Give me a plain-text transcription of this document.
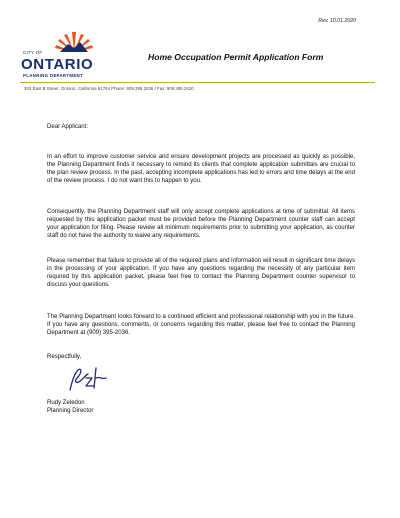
Rev. 10.01.2020
CITY OF
ONTARIO
PLANNING DEPARTMENT
Home Occupation Permit Application Form
303 East B Street, Ontario, California 91764 Phone: 909.395.2036 / Fax: 909.395.2420
Dear Applicant:
In an effort to improve customer service and ensure development projects are processed as quickly as possible, the Planning Department finds it necessary to remind its clients that complete application submittals are crucial to the plan review process. In the past, accepting incomplete applications has led to errors and time delays at the end of the review process. I do not want this to happen to you.
Consequently, the Planning Department staff will only accept complete applications at time of submittal. All items requested by this application packet must be provided before the Planning Department counter staff can accept your application for filing. Please review all minimum requirements prior to submitting your application, as counter staff do not have the authority to waive any requirements.
Please remember that failure to provide all of the required plans and information will result in significant time delays in the processing of your application. If you have any questions regarding the necessity of any particular item required by this application packet, please feel free to contact the Planning Department counter supervisor to discuss your questions.
The Planning Department looks forward to a continued efficient and professional relationship with you in the future. If you have any questions, comments, or concerns regarding this matter, please feel free to contact the Planning Department at (909) 395-2036.
Respectfully,
Rudy Zeledon
Planning Director
